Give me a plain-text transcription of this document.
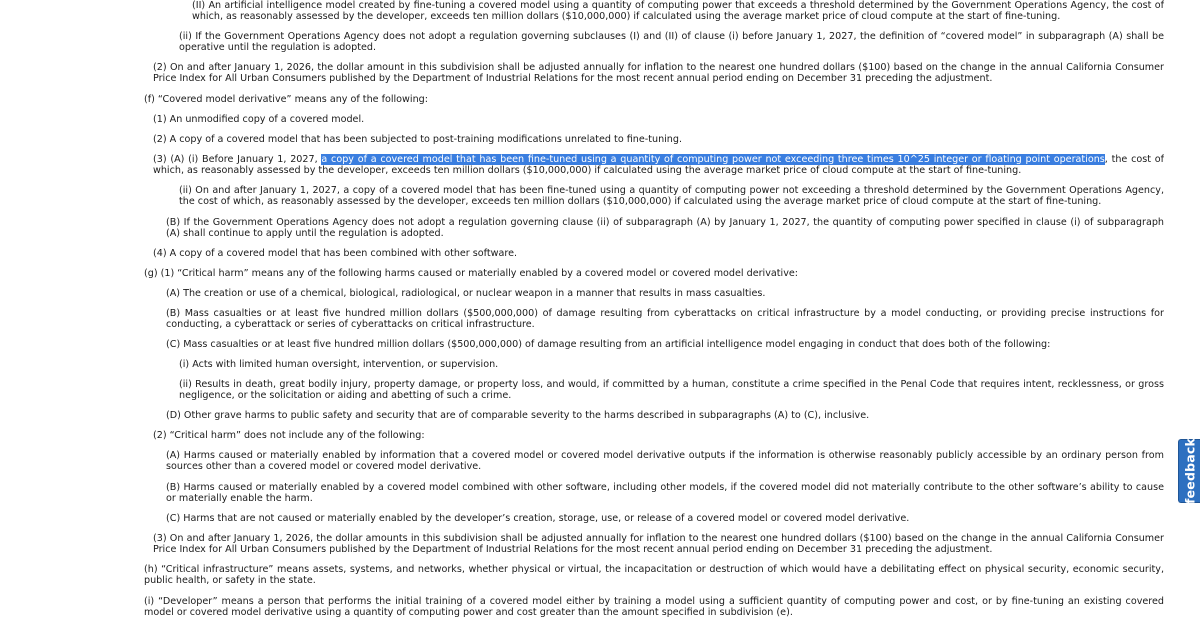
(II) An artificial intelligence model created by fine-tuning a covered model using a quantity of computing power that exceeds a threshold determined by the Government Operations Agency, the cost of which, as reasonably assessed by the developer, exceeds ten million dollars ($10,000,000) if calculated using the average market price of cloud compute at the start of fine-tuning.

(ii) If the Government Operations Agency does not adopt a regulation governing subclauses (I) and (II) of clause (i) before January 1, 2027, the definition of “covered model” in subparagraph (A) shall be operative until the regulation is adopted.

(2) On and after January 1, 2026, the dollar amount in this subdivision shall be adjusted annually for inflation to the nearest one hundred dollars ($100) based on the change in the annual California Consumer Price Index for All Urban Consumers published by the Department of Industrial Relations for the most recent annual period ending on December 31 preceding the adjustment.

(f) “Covered model derivative” means any of the following:

(1) An unmodified copy of a covered model.

(2) A copy of a covered model that has been subjected to post-training modifications unrelated to fine-tuning.

(3) (A) (i) Before January 1, 2027, a copy of a covered model that has been fine-tuned using a quantity of computing power not exceeding three times 10^25 integer or floating point operations, the cost of which, as reasonably assessed by the developer, exceeds ten million dollars ($10,000,000) if calculated using the average market price of cloud compute at the start of fine-tuning.

(ii) On and after January 1, 2027, a copy of a covered model that has been fine-tuned using a quantity of computing power not exceeding a threshold determined by the Government Operations Agency, the cost of which, as reasonably assessed by the developer, exceeds ten million dollars ($10,000,000) if calculated using the average market price of cloud compute at the start of fine-tuning.

(B) If the Government Operations Agency does not adopt a regulation governing clause (ii) of subparagraph (A) by January 1, 2027, the quantity of computing power specified in clause (i) of subparagraph (A) shall continue to apply until the regulation is adopted.

(4) A copy of a covered model that has been combined with other software.

(g) (1) “Critical harm” means any of the following harms caused or materially enabled by a covered model or covered model derivative:

(A) The creation or use of a chemical, biological, radiological, or nuclear weapon in a manner that results in mass casualties.

(B) Mass casualties or at least five hundred million dollars ($500,000,000) of damage resulting from cyberattacks on critical infrastructure by a model conducting, or providing precise instructions for conducting, a cyberattack or series of cyberattacks on critical infrastructure.

(C) Mass casualties or at least five hundred million dollars ($500,000,000) of damage resulting from an artificial intelligence model engaging in conduct that does both of the following:

(i) Acts with limited human oversight, intervention, or supervision.

(ii) Results in death, great bodily injury, property damage, or property loss, and would, if committed by a human, constitute a crime specified in the Penal Code that requires intent, recklessness, or gross negligence, or the solicitation or aiding and abetting of such a crime.

(D) Other grave harms to public safety and security that are of comparable severity to the harms described in subparagraphs (A) to (C), inclusive.

(2) “Critical harm” does not include any of the following:

(A) Harms caused or materially enabled by information that a covered model or covered model derivative outputs if the information is otherwise reasonably publicly accessible by an ordinary person from sources other than a covered model or covered model derivative.

(B) Harms caused or materially enabled by a covered model combined with other software, including other models, if the covered model did not materially contribute to the other software’s ability to cause or materially enable the harm.

(C) Harms that are not caused or materially enabled by the developer’s creation, storage, use, or release of a covered model or covered model derivative.

(3) On and after January 1, 2026, the dollar amounts in this subdivision shall be adjusted annually for inflation to the nearest one hundred dollars ($100) based on the change in the annual California Consumer Price Index for All Urban Consumers published by the Department of Industrial Relations for the most recent annual period ending on December 31 preceding the adjustment.

(h) “Critical infrastructure” means assets, systems, and networks, whether physical or virtual, the incapacitation or destruction of which would have a debilitating effect on physical security, economic security, public health, or safety in the state.

(i) “Developer” means a person that performs the initial training of a covered model either by training a model using a sufficient quantity of computing power and cost, or by fine-tuning an existing covered model or covered model derivative using a quantity of computing power and cost greater than the amount specified in subdivision (e).

feedback
